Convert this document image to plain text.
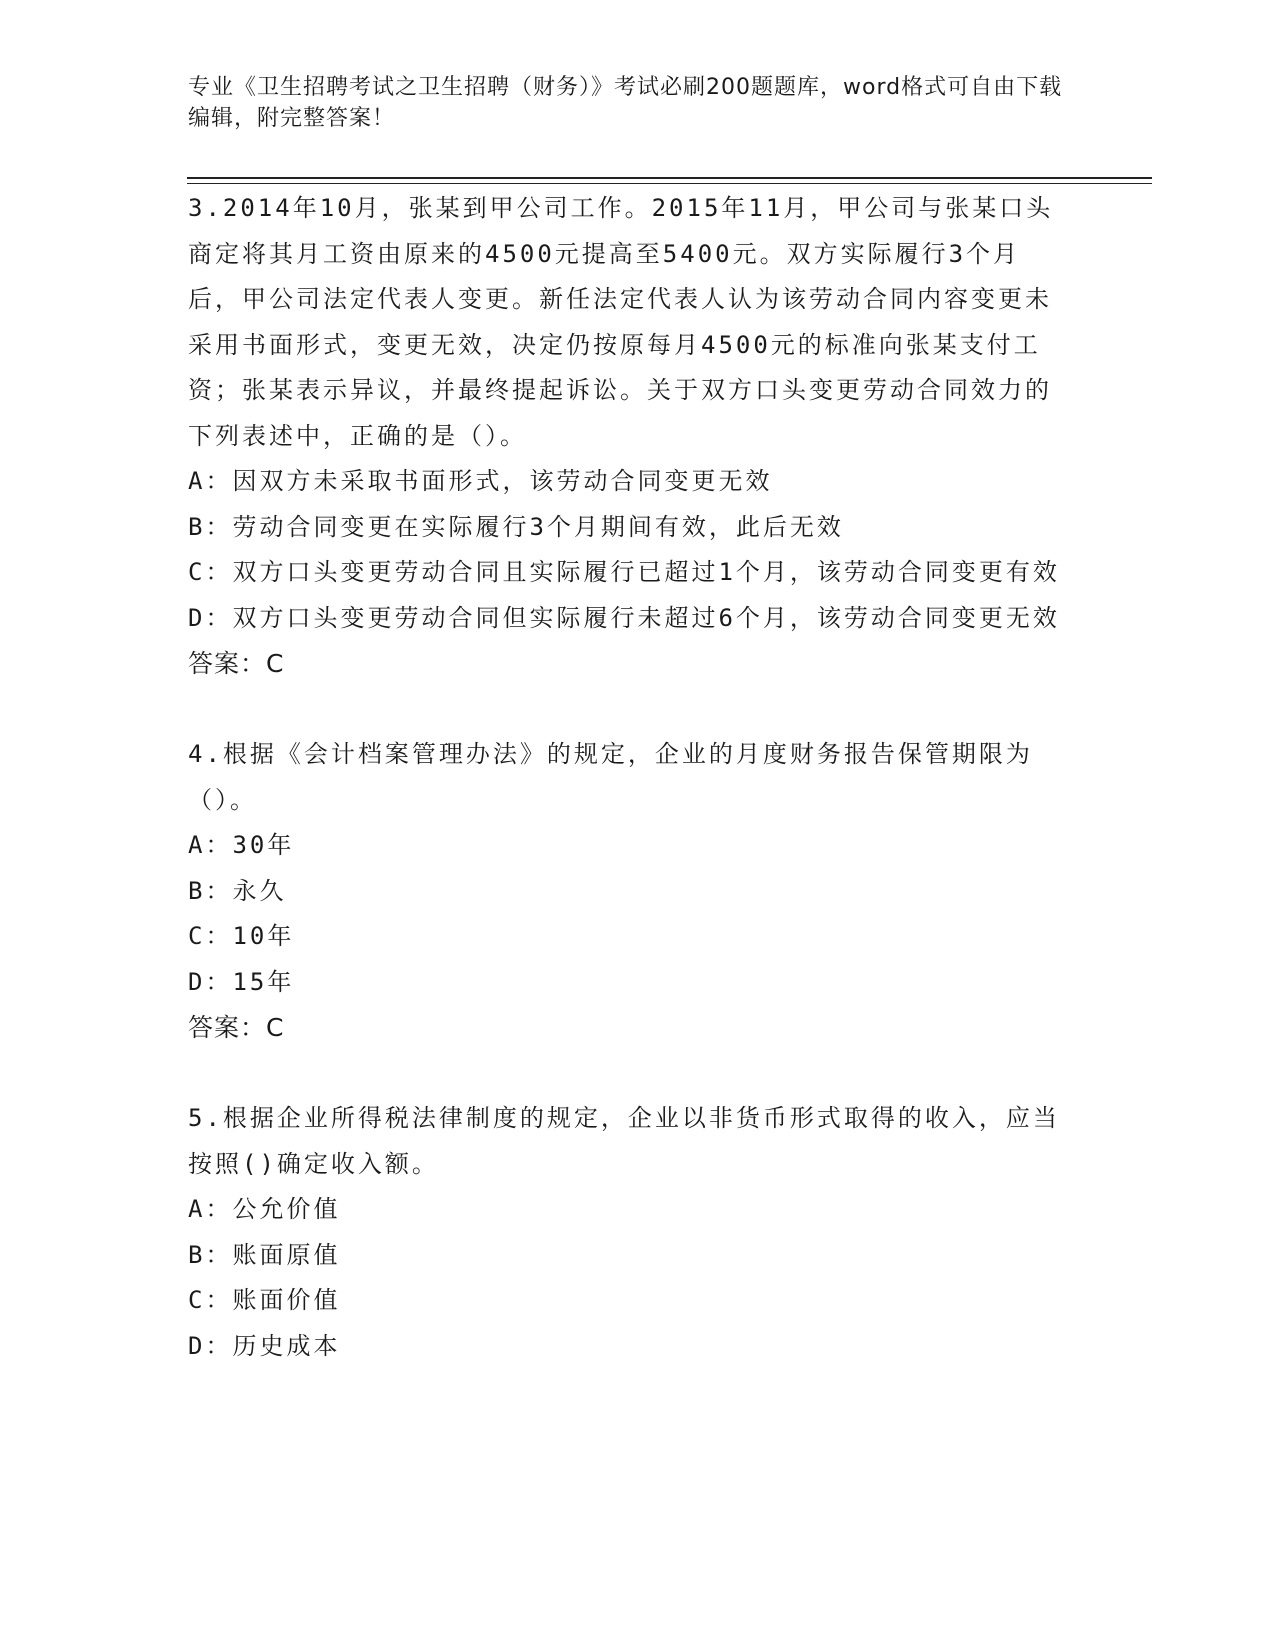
专业《卫生招聘考试之卫生招聘（财务）》考试必刷200题题库，word格式可自由下载编辑，附完整答案！
3.2014年10月，张某到甲公司工作。2015年11月，甲公司与张某口头商定将其月工资由原来的4500元提高至5400元。双方实际履行3个月后，甲公司法定代表人变更。新任法定代表人认为该劳动合同内容变更未采用书面形式，变更无效，决定仍按原每月4500元的标准向张某支付工资；张某表示异议，并最终提起诉讼。关于双方口头变更劳动合同效力的下列表述中，正确的是（）。
A：因双方未采取书面形式，该劳动合同变更无效
B：劳动合同变更在实际履行3个月期间有效，此后无效
C：双方口头变更劳动合同且实际履行已超过1个月，该劳动合同变更有效
D：双方口头变更劳动合同但实际履行未超过6个月，该劳动合同变更无效
答案：C
4.根据《会计档案管理办法》的规定，企业的月度财务报告保管期限为（）。
A：30年
B：永久
C：10年
D：15年
答案：C
5.根据企业所得税法律制度的规定，企业以非货币形式取得的收入，应当按照()确定收入额。
A：公允价值
B：账面原值
C：账面价值
D：历史成本
